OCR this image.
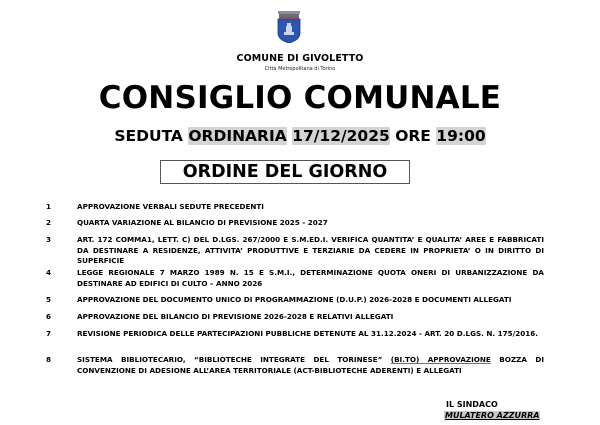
COMUNE DI GIVOLETTO
Città Metropolitana di Torino
CONSIGLIO COMUNALE
SEDUTA ORDINARIA 17/12/2025 ORE 19:00
ORDINE DEL GIORNO
1	APPROVAZIONE VERBALI SEDUTE PRECEDENTI
2	QUARTA VARIAZIONE AL BILANCIO DI PREVISIONE 2025 - 2027
3	ART. 172 COMMA1, LETT. C) DEL D.LGS. 267/2000 E S.M.ED.I. VERIFICA QUANTITA’ E QUALITA’ AREE E FABBRICATI DA DESTINARE A RESIDENZE, ATTIVITA’ PRODUTTIVE E TERZIARIE DA CEDERE IN PROPRIETA’ O IN DIRITTO DI SUPERFICIE
4	LEGGE REGIONALE 7 MARZO 1989 N. 15 E S.M.I., DETERMINAZIONE QUOTA ONERI DI URBANIZZAZIONE DA DESTINARE AD EDIFICI DI CULTO – ANNO 2026
5	APPROVAZIONE DEL DOCUMENTO UNICO DI PROGRAMMAZIONE (D.U.P.) 2026-2028 E DOCUMENTI ALLEGATI
6	APPROVAZIONE DEL BILANCIO DI PREVISIONE 2026-2028 E RELATIVI ALLEGATI
7	REVISIONE PERIODICA DELLE PARTECIPAZIONI PUBBLICHE DETENUTE AL 31.12.2024 - ART. 20 D.LGS. N. 175/2016.
8	SISTEMA BIBLIOTECARIO, “BIBLIOTECHE INTEGRATE DEL TORINESE” (BI.TO) APPROVAZIONE BOZZA DI CONVENZIONE DI ADESIONE ALL’AREA TERRITORIALE (ACT-BIBLIOTECHE ADERENTI) E ALLEGATI
IL SINDACO
MULATERO AZZURRA
